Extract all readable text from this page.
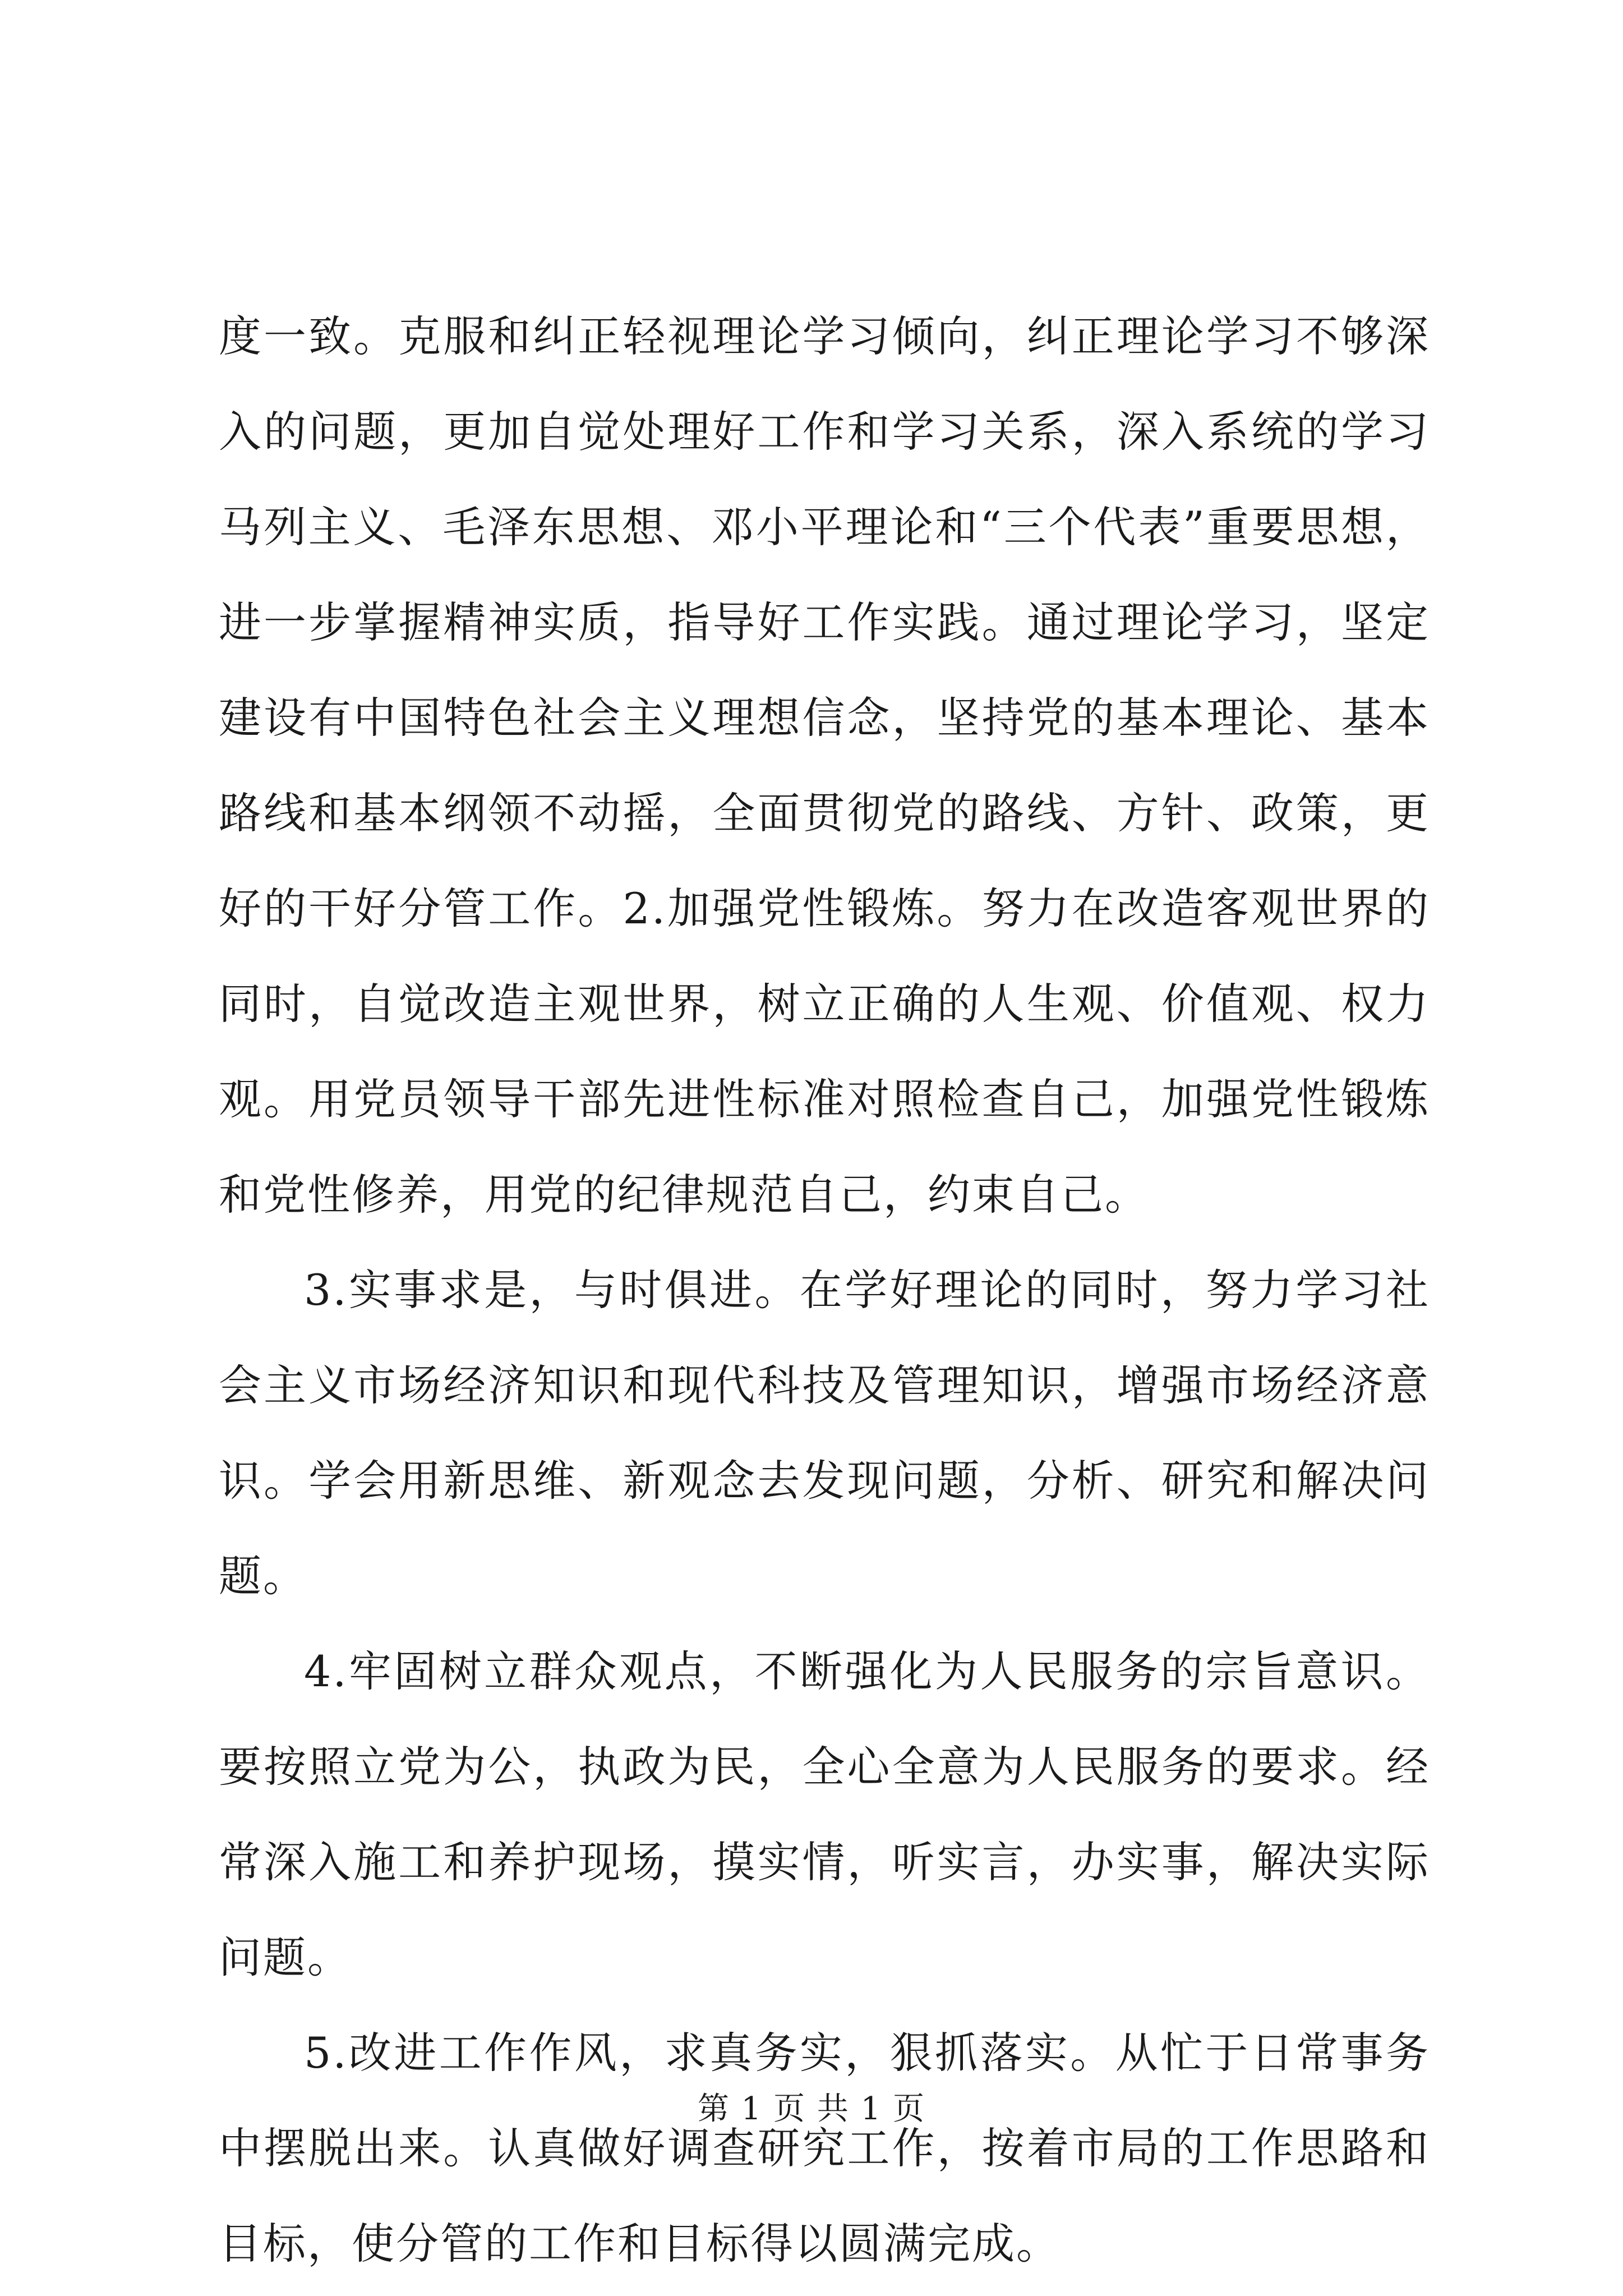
度一致。克服和纠正轻视理论学习倾向，纠正理论学习不够深入的问题，更加自觉处理好工作和学习关系，深入系统的学习马列主义、毛泽东思想、邓小平理论和“三个代表”重要思想，进一步掌握精神实质，指导好工作实践。通过理论学习，坚定建设有中国特色社会主义理想信念，坚持党的基本理论、基本路线和基本纲领不动摇，全面贯彻党的路线、方针、政策，更好的干好分管工作。2.加强党性锻炼。努力在改造客观世界的同时，自觉改造主观世界，树立正确的人生观、价值观、权力观。用党员领导干部先进性标准对照检查自己，加强党性锻炼和党性修养，用党的纪律规范自己，约束自己。

3.实事求是，与时俱进。在学好理论的同时，努力学习社会主义市场经济知识和现代科技及管理知识，增强市场经济意识。学会用新思维、新观念去发现问题，分析、研究和解决问题。

4.牢固树立群众观点，不断强化为人民服务的宗旨意识。要按照立党为公，执政为民，全心全意为人民服务的要求。经常深入施工和养护现场，摸实情，听实言，办实事，解决实际问题。

5.改进工作作风，求真务实，狠抓落实。从忙于日常事务中摆脱出来。认真做好调查研究工作，按着市局的工作思路和目标，使分管的工作和目标得以圆满完成。

第 1 页 共 1 页
